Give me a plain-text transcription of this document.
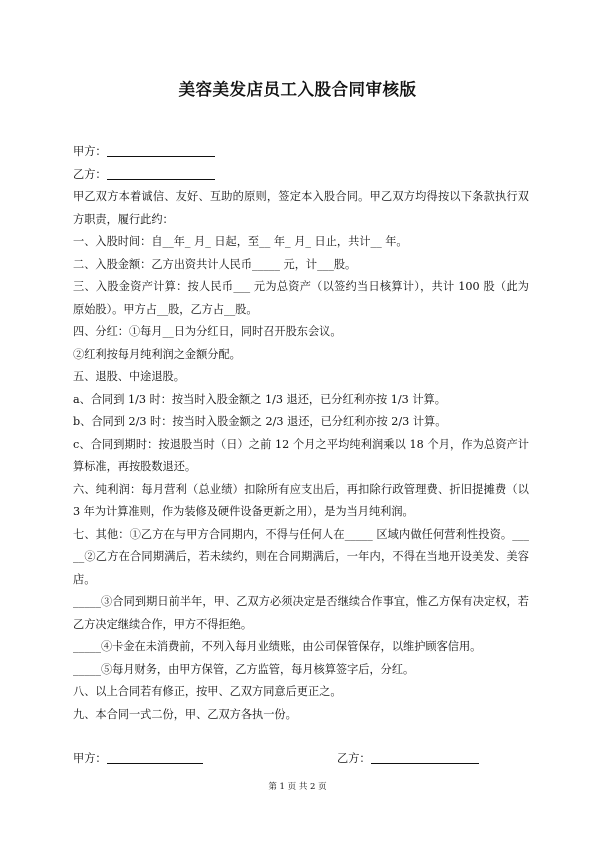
美容美发店员工入股合同审核版

甲方：

乙方：

甲乙双方本着诚信、友好、互助的原则，签定本入股合同。甲乙双方均得按以下条款执行双方职责，履行此约：

一、入股时间：自__年_ 月_ 日起，至__ 年_ 月_ 日止，共计__ 年。

二、入股金额：乙方出资共计人民币_____ 元，计___股。

三、入股金资产计算：按人民币___ 元为总资产（以签约当日核算计），共计 100 股（此为原始股）。甲方占__股，乙方占__股。

四、分红：①每月__日为分红日，同时召开股东会议。

②红利按每月纯利润之金额分配。

五、退股、中途退股。

a、合同到 1/3 时：按当时入股金额之 1/3 退还，已分红利亦按 1/3 计算。

b、合同到 2/3 时：按当时入股金额之 2/3 退还，已分红利亦按 2/3 计算。

c、合同到期时：按退股当时（日）之前 12 个月之平均纯利润乘以 18 个月，作为总资产计算标准，再按股数退还。

六、纯利润：每月营利（总业绩）扣除所有应支出后，再扣除行政管理费、折旧提摊费（以 3 年为计算准则，作为装修及硬件设备更新之用），是为当月纯利润。

七、其他：①乙方在与甲方合同期内，不得与任何人在_____ 区域内做任何营利性投资。_____②乙方在合同期满后，若未续约，则在合同期满后，一年内，不得在当地开设美发、美容店。

_____③合同到期日前半年，甲、乙双方必须决定是否继续合作事宜，惟乙方保有决定权，若乙方决定继续合作，甲方不得拒绝。

_____④卡金在未消费前，不列入每月业绩账，由公司保管保存，以维护顾客信用。

_____⑤每月财务，由甲方保管，乙方监管，每月核算签字后，分红。

八、以上合同若有修正，按甲、乙双方同意后更正之。

九、本合同一式二份，甲、乙双方各执一份。

甲方：	乙方：
第 1 页 共 2 页
